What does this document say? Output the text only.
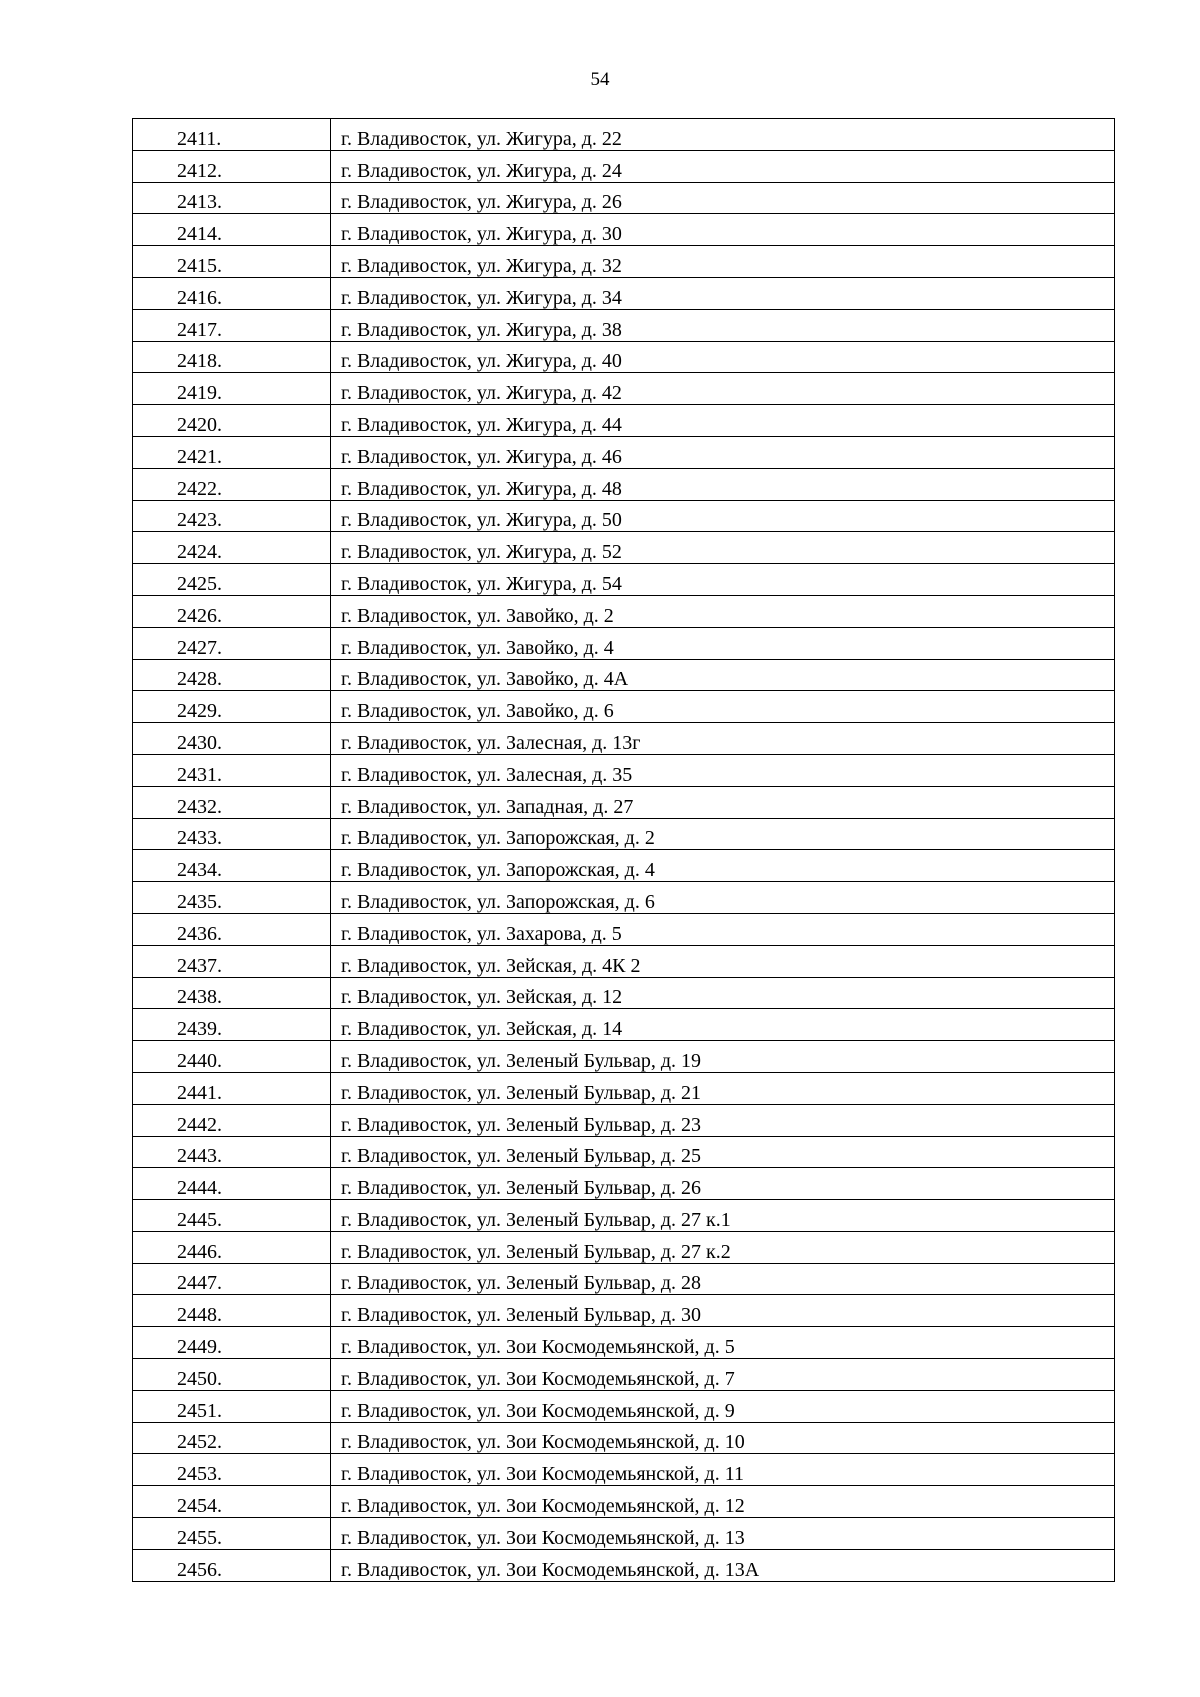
54
2411.	г. Владивосток, ул. Жигура, д. 22
2412.	г. Владивосток, ул. Жигура, д. 24
2413.	г. Владивосток, ул. Жигура, д. 26
2414.	г. Владивосток, ул. Жигура, д. 30
2415.	г. Владивосток, ул. Жигура, д. 32
2416.	г. Владивосток, ул. Жигура, д. 34
2417.	г. Владивосток, ул. Жигура, д. 38
2418.	г. Владивосток, ул. Жигура, д. 40
2419.	г. Владивосток, ул. Жигура, д. 42
2420.	г. Владивосток, ул. Жигура, д. 44
2421.	г. Владивосток, ул. Жигура, д. 46
2422.	г. Владивосток, ул. Жигура, д. 48
2423.	г. Владивосток, ул. Жигура, д. 50
2424.	г. Владивосток, ул. Жигура, д. 52
2425.	г. Владивосток, ул. Жигура, д. 54
2426.	г. Владивосток, ул. Завойко, д. 2
2427.	г. Владивосток, ул. Завойко, д. 4
2428.	г. Владивосток, ул. Завойко, д. 4А
2429.	г. Владивосток, ул. Завойко, д. 6
2430.	г. Владивосток, ул. Залесная, д. 13г
2431.	г. Владивосток, ул. Залесная, д. 35
2432.	г. Владивосток, ул. Западная, д. 27
2433.	г. Владивосток, ул. Запорожская, д. 2
2434.	г. Владивосток, ул. Запорожская, д. 4
2435.	г. Владивосток, ул. Запорожская, д. 6
2436.	г. Владивосток, ул. Захарова, д. 5
2437.	г. Владивосток, ул. Зейская, д. 4К 2
2438.	г. Владивосток, ул. Зейская, д. 12
2439.	г. Владивосток, ул. Зейская, д. 14
2440.	г. Владивосток, ул. Зеленый Бульвар, д. 19
2441.	г. Владивосток, ул. Зеленый Бульвар, д. 21
2442.	г. Владивосток, ул. Зеленый Бульвар, д. 23
2443.	г. Владивосток, ул. Зеленый Бульвар, д. 25
2444.	г. Владивосток, ул. Зеленый Бульвар, д. 26
2445.	г. Владивосток, ул. Зеленый Бульвар, д. 27 к.1
2446.	г. Владивосток, ул. Зеленый Бульвар, д. 27 к.2
2447.	г. Владивосток, ул. Зеленый Бульвар, д. 28
2448.	г. Владивосток, ул. Зеленый Бульвар, д. 30
2449.	г. Владивосток, ул. Зои Космодемьянской, д. 5
2450.	г. Владивосток, ул. Зои Космодемьянской, д. 7
2451.	г. Владивосток, ул. Зои Космодемьянской, д. 9
2452.	г. Владивосток, ул. Зои Космодемьянской, д. 10
2453.	г. Владивосток, ул. Зои Космодемьянской, д. 11
2454.	г. Владивосток, ул. Зои Космодемьянской, д. 12
2455.	г. Владивосток, ул. Зои Космодемьянской, д. 13
2456.	г. Владивосток, ул. Зои Космодемьянской, д. 13А
